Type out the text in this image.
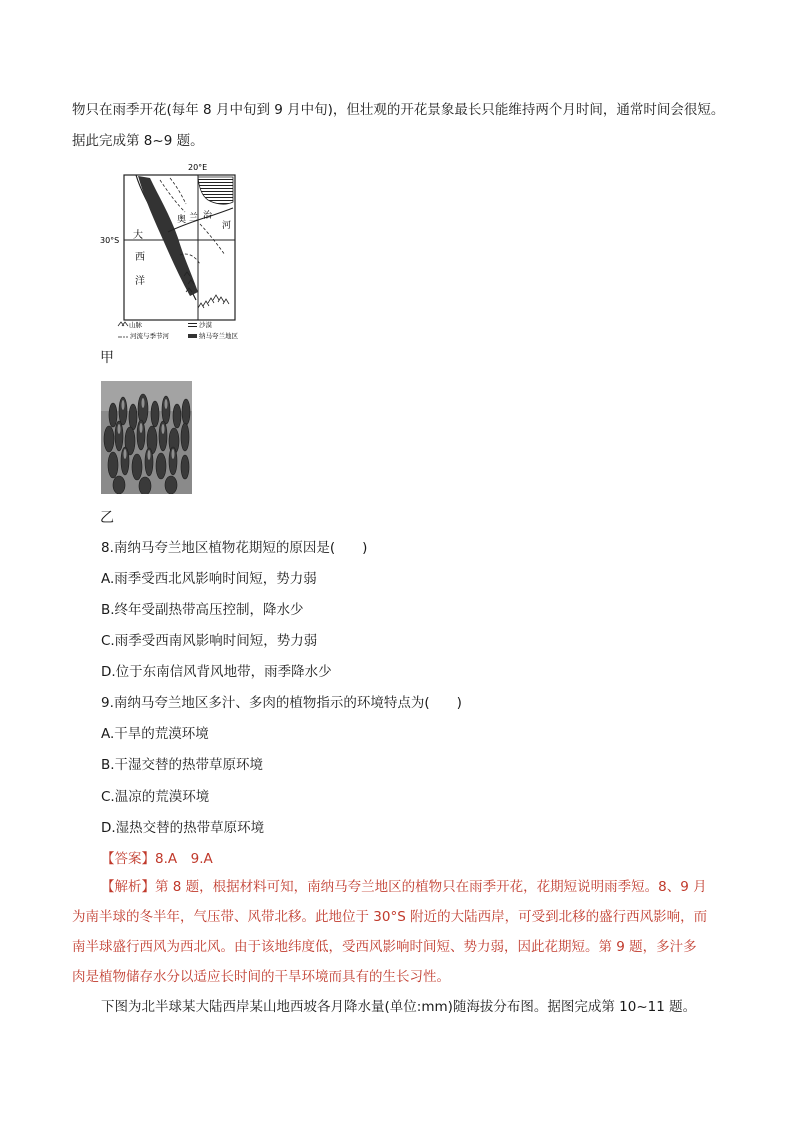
物只在雨季开花(每年 8 月中旬到 9 月中旬)，但壮观的开花景象最长只能维持两个月时间，通常时间会很短。
据此完成第 8~9 题。
20°E
30°S 大
西
洋
奥 兰 治
河
山脉	沙漠
河流与季节河	纳马夸兰地区
甲
乙
8.南纳马夸兰地区植物花期短的原因是(　　)
A.雨季受西北风影响时间短，势力弱
B.终年受副热带高压控制，降水少
C.雨季受西南风影响时间短，势力弱
D.位于东南信风背风地带，雨季降水少
9.南纳马夸兰地区多汁、多肉的植物指示的环境特点为(　　)
A.干旱的荒漠环境
B.干湿交替的热带草原环境
C.温凉的荒漠环境
D.湿热交替的热带草原环境
【答案】8.A　9.A
【解析】第 8 题，根据材料可知，南纳马夸兰地区的植物只在雨季开花，花期短说明雨季短。8、9 月
为南半球的冬半年，气压带、风带北移。此地位于 30°S 附近的大陆西岸，可受到北移的盛行西风影响，而
南半球盛行西风为西北风。由于该地纬度低，受西风影响时间短、势力弱，因此花期短。第 9 题，多汁多
肉是植物储存水分以适应长时间的干旱环境而具有的生长习性。
下图为北半球某大陆西岸某山地西坡各月降水量(单位:mm)随海拔分布图。据图完成第 10~11 题。
